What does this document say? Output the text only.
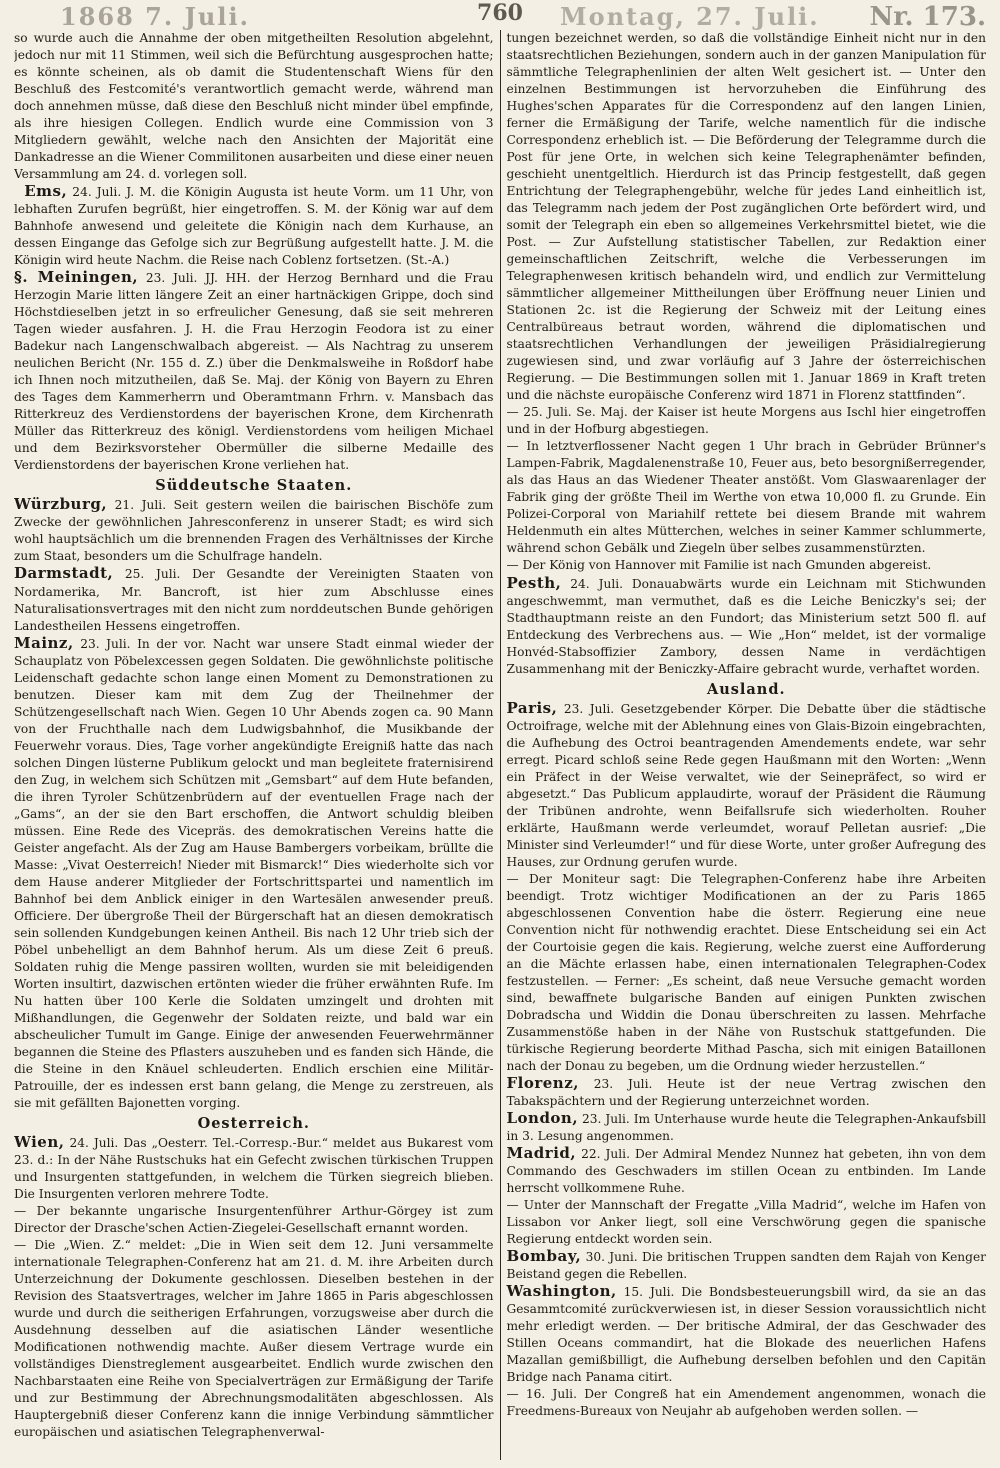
1868 7. Juli.	760	Montag, 27. Juli. Nr. 173.

so wurde auch die Annahme der oben mitgetheilten Resolution abgelehnt, jedoch nur mit 11 Stimmen, weil sich die Befürchtung ausgesprochen hatte; es könnte scheinen, als ob damit die Studentenschaft Wiens für den Beschluß des Festcomité's verantwortlich gemacht werde, während man doch annehmen müsse, daß diese den Beschluß nicht minder übel empfinde, als ihre hiesigen Collegen. Endlich wurde eine Commission von 3 Mitgliedern gewählt, welche nach den Ansichten der Majorität eine Dankadresse an die Wiener Commilitonen ausarbeiten und diese einer neuen Versammlung am 24. d. vorlegen soll.

Ems, 24. Juli. J. M. die Königin Augusta ist heute Vorm. um 11 Uhr, von lebhaften Zurufen begrüßt, hier eingetroffen. S. M. der König war auf dem Bahnhofe anwesend und geleitete die Königin nach dem Kurhause, an dessen Eingange das Gefolge sich zur Begrüßung aufgestellt hatte. J. M. die Königin wird heute Nachm. die Reise nach Coblenz fortsetzen. (St.-A.)

§. Meiningen, 23. Juli. JJ. HH. der Herzog Bernhard und die Frau Herzogin Marie litten längere Zeit an einer hartnäckigen Grippe, doch sind Höchstdieselben jetzt in so erfreulicher Genesung, daß sie seit mehreren Tagen wieder ausfahren. J. H. die Frau Herzogin Feodora ist zu einer Badekur nach Langenschwalbach abgereist. — Als Nachtrag zu unserem neulichen Bericht (Nr. 155 d. Z.) über die Denkmalsweihe in Roßdorf habe ich Ihnen noch mitzutheilen, daß Se. Maj. der König von Bayern zu Ehren des Tages dem Kammerherrn und Oberamtmann Frhrn. v. Mansbach das Ritterkreuz des Verdienstordens der bayerischen Krone, dem Kirchenrath Müller das Ritterkreuz des königl. Verdienstordens vom heiligen Michael und dem Bezirksvorsteher Obermüller die silberne Medaille des Verdienstordens der bayerischen Krone verliehen hat.

Süddeutsche Staaten.

Würzburg, 21. Juli. Seit gestern weilen die bairischen Bischöfe zum Zwecke der gewöhnlichen Jahresconferenz in unserer Stadt; es wird sich wohl hauptsächlich um die brennenden Fragen des Verhältnisses der Kirche zum Staat, besonders um die Schulfrage handeln.

Darmstadt, 25. Juli. Der Gesandte der Vereinigten Staaten von Nordamerika, Mr. Bancroft, ist hier zum Abschlusse eines Naturalisationsvertrages mit den nicht zum norddeutschen Bunde gehörigen Landestheilen Hessens eingetroffen.

Mainz, 23. Juli. In der vor. Nacht war unsere Stadt einmal wieder der Schauplatz von Pöbelexcessen gegen Soldaten. Die gewöhnlichste politische Leidenschaft gedachte schon lange einen Moment zu Demonstrationen zu benutzen. Dieser kam mit dem Zug der Theilnehmer der Schützengesellschaft nach Wien. Gegen 10 Uhr Abends zogen ca. 90 Mann von der Fruchthalle nach dem Ludwigsbahnhof, die Musikbande der Feuerwehr voraus. Dies, Tage vorher angekündigte Ereigniß hatte das nach solchen Dingen lüsterne Publikum gelockt und man begleitete fraternisirend den Zug, in welchem sich Schützen mit „Gemsbart“ auf dem Hute befanden, die ihren Tyroler Schützenbrüdern auf der eventuellen Frage nach der „Gams“, an der sie den Bart erschoffen, die Antwort schuldig bleiben müssen. Eine Rede des Vicepräs. des demokratischen Vereins hatte die Geister angefacht. Als der Zug am Hause Bambergers vorbeikam, brüllte die Masse: „Vivat Oesterreich! Nieder mit Bismarck!“ Dies wiederholte sich vor dem Hause anderer Mitglieder der Fortschrittspartei und namentlich im Bahnhof bei dem Anblick einiger in den Wartesälen anwesender preuß. Officiere. Der übergroße Theil der Bürgerschaft hat an diesen demokratisch sein sollenden Kundgebungen keinen Antheil. Bis nach 12 Uhr trieb sich der Pöbel unbehelligt an dem Bahnhof herum. Als um diese Zeit 6 preuß. Soldaten ruhig die Menge passiren wollten, wurden sie mit beleidigenden Worten insultirt, dazwischen ertönten wieder die früher erwähnten Rufe. Im Nu hatten über 100 Kerle die Soldaten umzingelt und drohten mit Mißhandlungen, die Gegenwehr der Soldaten reizte, und bald war ein abscheulicher Tumult im Gange. Einige der anwesenden Feuerwehrmänner begannen die Steine des Pflasters auszuheben und es fanden sich Hände, die die Steine in den Knäuel schleuderten. Endlich erschien eine Militär-Patrouille, der es indessen erst bann gelang, die Menge zu zerstreuen, als sie mit gefällten Bajonetten vorging.

Oesterreich.

Wien, 24. Juli. Das „Oesterr. Tel.-Corresp.-Bur.“ meldet aus Bukarest vom 23. d.: In der Nähe Rustschuks hat ein Gefecht zwischen türkischen Truppen und Insurgenten stattgefunden, in welchem die Türken siegreich blieben. Die Insurgenten verloren mehrere Todte.

— Der bekannte ungarische Insurgentenführer Arthur-Görgey ist zum Director der Drasche'schen Actien-Ziegelei-Gesellschaft ernannt worden.

— Die „Wien. Z.“ meldet: „Die in Wien seit dem 12. Juni versammelte internationale Telegraphen-Conferenz hat am 21. d. M. ihre Arbeiten durch Unterzeichnung der Dokumente geschlossen. Dieselben bestehen in der Revision des Staatsvertrages, welcher im Jahre 1865 in Paris abgeschlossen wurde und durch die seitherigen Erfahrungen, vorzugsweise aber durch die Ausdehnung desselben auf die asiatischen Länder wesentliche Modificationen nothwendig machte. Außer diesem Vertrage wurde ein vollständiges Dienstreglement ausgearbeitet. Endlich wurde zwischen den Nachbarstaaten eine Reihe von Specialverträgen zur Ermäßigung der Tarife und zur Bestimmung der Abrechnungsmodalitäten abgeschlossen. Als Hauptergebniß dieser Conferenz kann die innige Verbindung sämmtlicher europäischen und asiatischen Telegraphenverwal-

tungen bezeichnet werden, so daß die vollständige Einheit nicht nur in den staatsrechtlichen Beziehungen, sondern auch in der ganzen Manipulation für sämmtliche Telegraphenlinien der alten Welt gesichert ist. — Unter den einzelnen Bestimmungen ist hervorzuheben die Einführung des Hughes'schen Apparates für die Correspondenz auf den langen Linien, ferner die Ermäßigung der Tarife, welche namentlich für die indische Correspondenz erheblich ist. — Die Beförderung der Telegramme durch die Post für jene Orte, in welchen sich keine Telegraphenämter befinden, geschieht unentgeltlich. Hierdurch ist das Princip festgestellt, daß gegen Entrichtung der Telegraphengebühr, welche für jedes Land einheitlich ist, das Telegramm nach jedem der Post zugänglichen Orte befördert wird, und somit der Telegraph ein eben so allgemeines Verkehrsmittel bietet, wie die Post. — Zur Aufstellung statistischer Tabellen, zur Redaktion einer gemeinschaftlichen Zeitschrift, welche die Verbesserungen im Telegraphenwesen kritisch behandeln wird, und endlich zur Vermittelung sämmtlicher allgemeiner Mittheilungen über Eröffnung neuer Linien und Stationen 2c. ist die Regierung der Schweiz mit der Leitung eines Centralbüreaus betraut worden, während die diplomatischen und staatsrechtlichen Verhandlungen der jeweiligen Präsidialregierung zugewiesen sind, und zwar vorläufig auf 3 Jahre der österreichischen Regierung. — Die Bestimmungen sollen mit 1. Januar 1869 in Kraft treten und die nächste europäische Conferenz wird 1871 in Florenz stattfinden“.

— 25. Juli. Se. Maj. der Kaiser ist heute Morgens aus Ischl hier eingetroffen und in der Hofburg abgestiegen.

— In letztverflossener Nacht gegen 1 Uhr brach in Gebrüder Brünner's Lampen-Fabrik, Magdalenenstraße 10, Feuer aus, beto besorgnißerregender, als das Haus an das Wiedener Theater anstößt. Vom Glaswaarenlager der Fabrik ging der größte Theil im Werthe von etwa 10,000 fl. zu Grunde. Ein Polizei-Corporal von Mariahilf rettete bei diesem Brande mit wahrem Heldenmuth ein altes Mütterchen, welches in seiner Kammer schlummerte, während schon Gebälk und Ziegeln über selbes zusammenstürzten.

— Der König von Hannover mit Familie ist nach Gmunden abgereist.

Pesth, 24. Juli. Donauabwärts wurde ein Leichnam mit Stichwunden angeschwemmt, man vermuthet, daß es die Leiche Beniczky's sei; der Stadthauptmann reiste an den Fundort; das Ministerium setzt 500 fl. auf Entdeckung des Verbrechens aus. — Wie „Hon“ meldet, ist der vormalige Honvéd-Stabsoffizier Zambory, dessen Name in verdächtigen Zusammenhang mit der Beniczky-Affaire gebracht wurde, verhaftet worden.

Ausland.

Paris, 23. Juli. Gesetzgebender Körper. Die Debatte über die städtische Octroifrage, welche mit der Ablehnung eines von Glais-Bizoin eingebrachten, die Aufhebung des Octroi beantragenden Amendements endete, war sehr erregt. Picard schloß seine Rede gegen Haußmann mit den Worten: „Wenn ein Präfect in der Weise verwaltet, wie der Seinepräfect, so wird er abgesetzt.“ Das Publicum applaudirte, worauf der Präsident die Räumung der Tribünen androhte, wenn Beifallsrufe sich wiederholten. Rouher erklärte, Haußmann werde verleumdet, worauf Pelletan ausrief: „Die Minister sind Verleumder!“ und für diese Worte, unter großer Aufregung des Hauses, zur Ordnung gerufen wurde.

— Der Moniteur sagt: Die Telegraphen-Conferenz habe ihre Arbeiten beendigt. Trotz wichtiger Modificationen an der zu Paris 1865 abgeschlossenen Convention habe die österr. Regierung eine neue Convention nicht für nothwendig erachtet. Diese Entscheidung sei ein Act der Courtoisie gegen die kais. Regierung, welche zuerst eine Aufforderung an die Mächte erlassen habe, einen internationalen Telegraphen-Codex festzustellen. — Ferner: „Es scheint, daß neue Versuche gemacht worden sind, bewaffnete bulgarische Banden auf einigen Punkten zwischen Dobradscha und Widdin die Donau überschreiten zu lassen. Mehrfache Zusammenstöße haben in der Nähe von Rustschuk stattgefunden. Die türkische Regierung beorderte Mithad Pascha, sich mit einigen Bataillonen nach der Donau zu begeben, um die Ordnung wieder herzustellen.“

Florenz, 23. Juli. Heute ist der neue Vertrag zwischen den Tabakspächtern und der Regierung unterzeichnet worden.

London, 23. Juli. Im Unterhause wurde heute die Telegraphen-Ankaufsbill in 3. Lesung angenommen.

Madrid, 22. Juli. Der Admiral Mendez Nunnez hat gebeten, ihn von dem Commando des Geschwaders im stillen Ocean zu entbinden. Im Lande herrscht vollkommene Ruhe.

— Unter der Mannschaft der Fregatte „Villa Madrid“, welche im Hafen von Lissabon vor Anker liegt, soll eine Verschwörung gegen die spanische Regierung entdeckt worden sein.

Bombay, 30. Juni. Die britischen Truppen sandten dem Rajah von Kenger Beistand gegen die Rebellen.

Washington, 15. Juli. Die Bondsbesteuerungsbill wird, da sie an das Gesammtcomité zurückverwiesen ist, in dieser Session voraussichtlich nicht mehr erledigt werden. — Der britische Admiral, der das Geschwader des Stillen Oceans commandirt, hat die Blokade des neuerlichen Hafens Mazallan gemißbilligt, die Aufhebung derselben befohlen und den Capitän Bridge nach Panama citirt.

— 16. Juli. Der Congreß hat ein Amendement angenommen, wonach die Freedmens-Bureaux von Neujahr ab aufgehoben werden sollen. —
